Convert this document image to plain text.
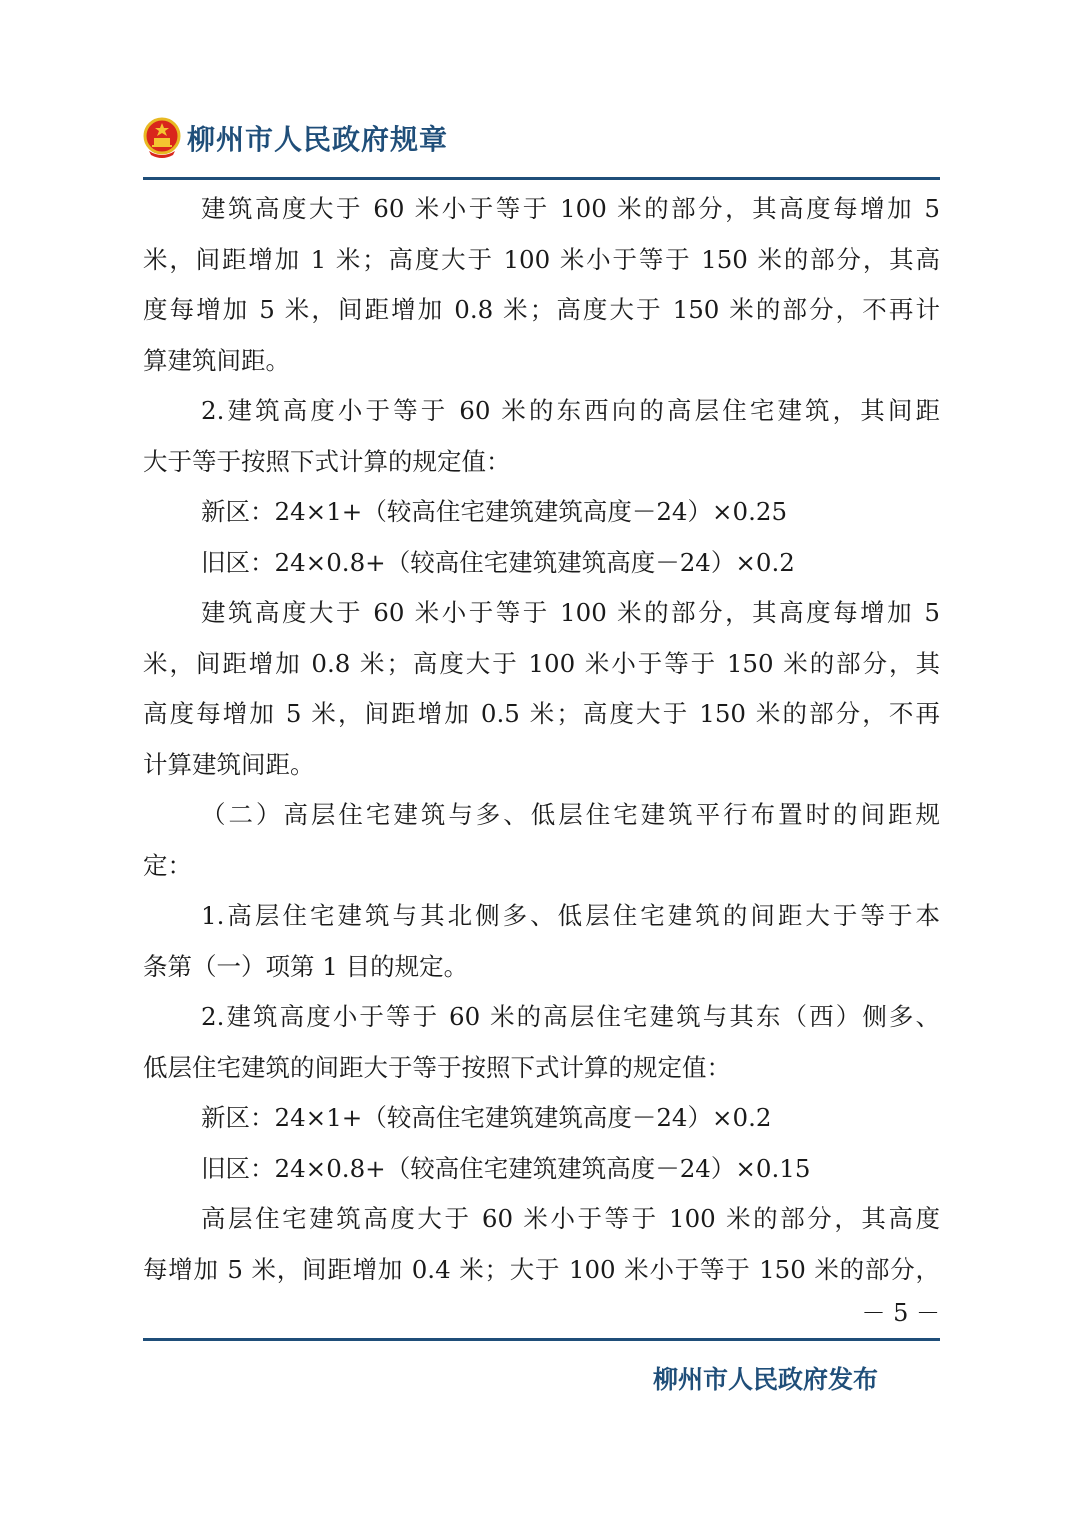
柳州市人民政府规章
建筑高度大于 60 米小于等于 100 米的部分，其高度每增加 5
米，间距增加 1 米；高度大于 100 米小于等于 150 米的部分，其高
度每增加 5 米，间距增加 0.8 米；高度大于 150 米的部分，不再计
算建筑间距。
2.建筑高度小于等于 60 米的东西向的高层住宅建筑，其间距
大于等于按照下式计算的规定值：
新区：24×1+（较高住宅建筑建筑高度－24）×0.25
旧区：24×0.8+（较高住宅建筑建筑高度－24）×0.2
建筑高度大于 60 米小于等于 100 米的部分，其高度每增加 5
米，间距增加 0.8 米；高度大于 100 米小于等于 150 米的部分，其
高度每增加 5 米，间距增加 0.5 米；高度大于 150 米的部分，不再
计算建筑间距。
（二）高层住宅建筑与多、低层住宅建筑平行布置时的间距规
定：
1.高层住宅建筑与其北侧多、低层住宅建筑的间距大于等于本
条第（一）项第 1 目的规定。
2.建筑高度小于等于 60 米的高层住宅建筑与其东（西）侧多、
低层住宅建筑的间距大于等于按照下式计算的规定值：
新区：24×1+（较高住宅建筑建筑高度－24）×0.2
旧区：24×0.8+（较高住宅建筑建筑高度－24）×0.15
高层住宅建筑高度大于 60 米小于等于 100 米的部分，其高度
每增加 5 米，间距增加 0.4 米；大于 100 米小于等于 150 米的部分，
－ 5 －
柳州市人民政府发布
